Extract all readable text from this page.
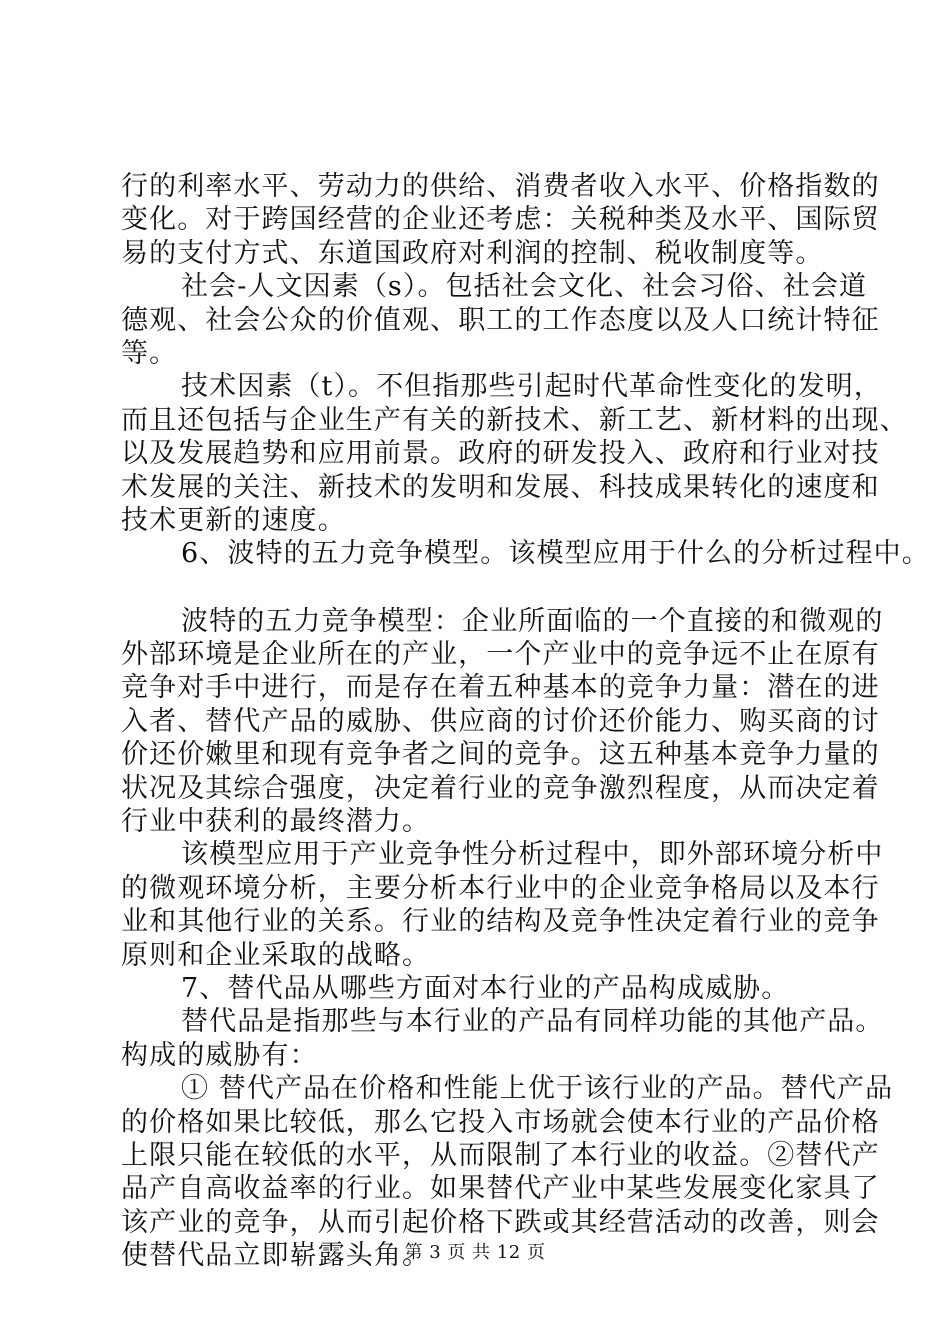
行的利率水平、劳动力的供给、消费者收入水平、价格指数的
变化。对于跨国经营的企业还考虑：关税种类及水平、国际贸
易的支付方式、东道国政府对利润的控制、税收制度等。
社会-人文因素（s）。包括社会文化、社会习俗、社会道
德观、社会公众的价值观、职工的工作态度以及人口统计特征
等。
技术因素（t）。不但指那些引起时代革命性变化的发明，
而且还包括与企业生产有关的新技术、新工艺、新材料的出现、
以及发展趋势和应用前景。政府的研发投入、政府和行业对技
术发展的关注、新技术的发明和发展、科技成果转化的速度和
技术更新的速度。
6、波特的五力竞争模型。该模型应用于什么的分析过程中。
波特的五力竞争模型：企业所面临的一个直接的和微观的
外部环境是企业所在的产业，一个产业中的竞争远不止在原有
竞争对手中进行，而是存在着五种基本的竞争力量：潜在的进
入者、替代产品的威胁、供应商的讨价还价能力、购买商的讨
价还价嫩里和现有竞争者之间的竞争。这五种基本竞争力量的
状况及其综合强度，决定着行业的竞争激烈程度，从而决定着
行业中获利的最终潜力。
该模型应用于产业竞争性分析过程中，即外部环境分析中
的微观环境分析，主要分析本行业中的企业竞争格局以及本行
业和其他行业的关系。行业的结构及竞争性决定着行业的竞争
原则和企业采取的战略。
7、替代品从哪些方面对本行业的产品构成威胁。
替代品是指那些与本行业的产品有同样功能的其他产品。
构成的威胁有：
① 替代产品在价格和性能上优于该行业的产品。替代产品
的价格如果比较低，那么它投入市场就会使本行业的产品价格
上限只能在较低的水平，从而限制了本行业的收益。②替代产
品产自高收益率的行业。如果替代产业中某些发展变化家具了
该产业的竞争，从而引起价格下跌或其经营活动的改善，则会
使替代品立即崭露头角。
第 3 页 共 12 页
